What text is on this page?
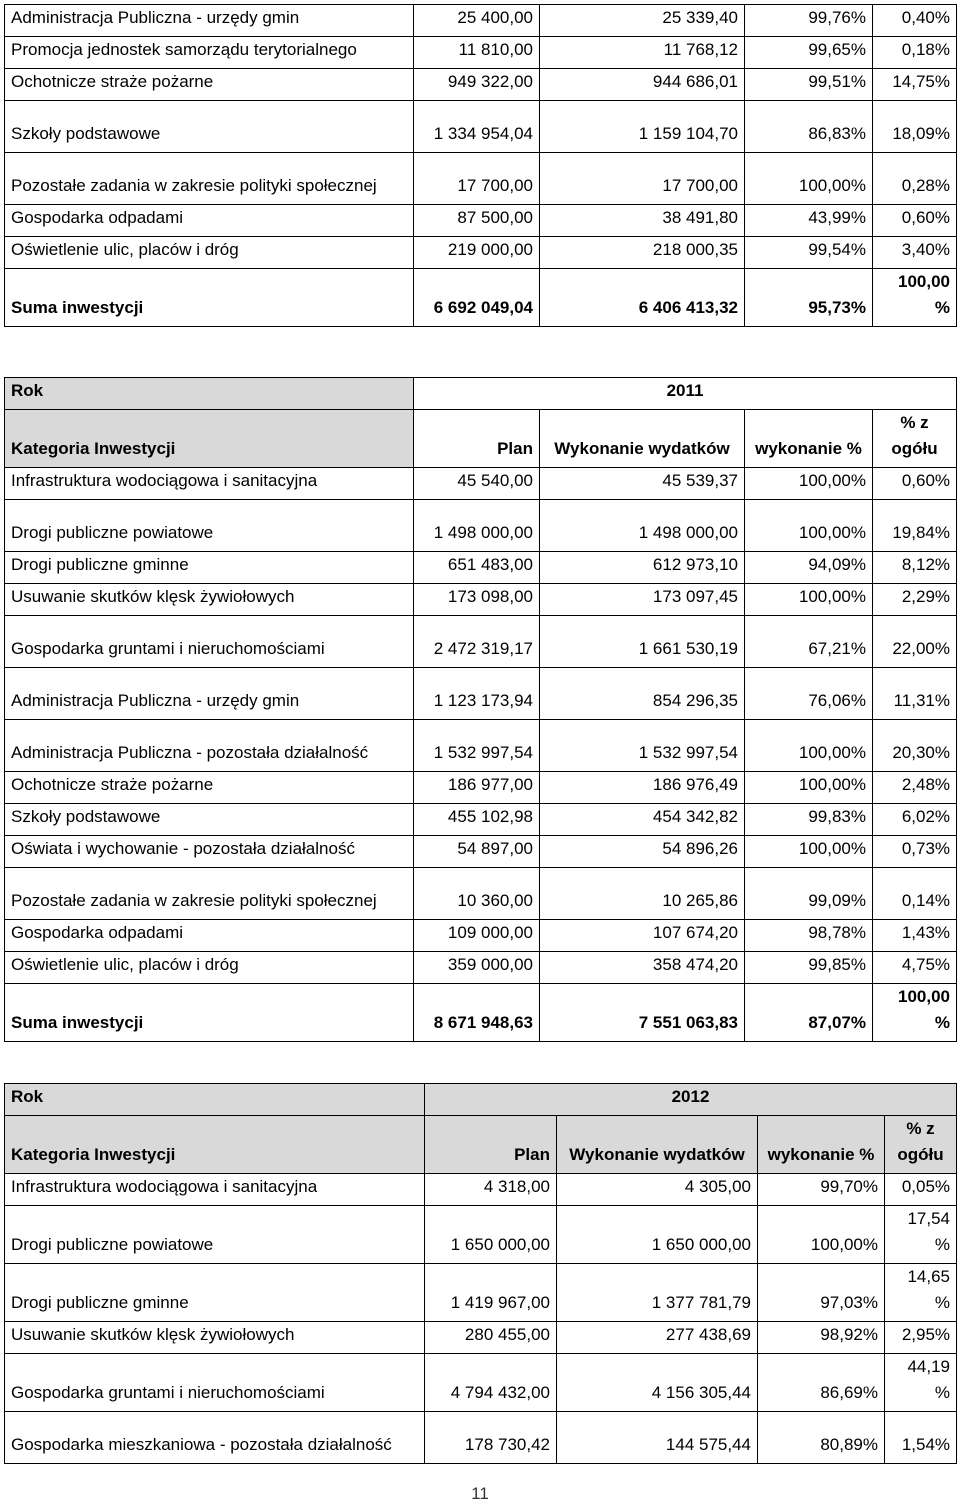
Administracja Publiczna - urzędy gmin	25 400,00	25 339,40	99,76%	0,40%
Promocja jednostek samorządu terytorialnego	11 810,00	11 768,12	99,65%	0,18%
Ochotnicze straże pożarne	949 322,00	944 686,01	99,51%	14,75%
Szkoły podstawowe	1 334 954,04	1 159 104,70	86,83%	18,09%
Pozostałe zadania w zakresie polityki społecznej	17 700,00	17 700,00	100,00%	0,28%
Gospodarka odpadami	87 500,00	38 491,80	43,99%	0,60%
Oświetlenie ulic, placów i dróg	219 000,00	218 000,35	99,54%	3,40%
Suma inwestycji	6 692 049,04	6 406 413,32	95,73%	100,00 %
Rok	2011			
Kategoria Inwestycji	Plan	Wykonanie wydatków	wykonanie %	% z ogółu
Infrastruktura wodociągowa i sanitacyjna	45 540,00	45 539,37	100,00%	0,60%
Drogi publiczne powiatowe	1 498 000,00	1 498 000,00	100,00%	19,84%
Drogi publiczne gminne	651 483,00	612 973,10	94,09%	8,12%
Usuwanie skutków klęsk żywiołowych	173 098,00	173 097,45	100,00%	2,29%
Gospodarka gruntami i nieruchomościami	2 472 319,17	1 661 530,19	67,21%	22,00%
Administracja Publiczna - urzędy gmin	1 123 173,94	854 296,35	76,06%	11,31%
Administracja Publiczna - pozostała działalność	1 532 997,54	1 532 997,54	100,00%	20,30%
Ochotnicze straże pożarne	186 977,00	186 976,49	100,00%	2,48%
Szkoły podstawowe	455 102,98	454 342,82	99,83%	6,02%
Oświata i wychowanie - pozostała działalność	54 897,00	54 896,26	100,00%	0,73%
Pozostałe zadania w zakresie polityki społecznej	10 360,00	10 265,86	99,09%	0,14%
Gospodarka odpadami	109 000,00	107 674,20	98,78%	1,43%
Oświetlenie ulic, placów i dróg	359 000,00	358 474,20	99,85%	4,75%
Suma inwestycji	8 671 948,63	7 551 063,83	87,07%	100,00 %
Rok	2012			
Kategoria Inwestycji	Plan	Wykonanie wydatków	wykonanie %	% z ogółu
Infrastruktura wodociągowa i sanitacyjna	4 318,00	4 305,00	99,70%	0,05%
Drogi publiczne powiatowe	1 650 000,00	1 650 000,00	100,00%	17,54 %
Drogi publiczne gminne	1 419 967,00	1 377 781,79	97,03%	14,65 %
Usuwanie skutków klęsk żywiołowych	280 455,00	277 438,69	98,92%	2,95%
Gospodarka gruntami i nieruchomościami	4 794 432,00	4 156 305,44	86,69%	44,19 %
Gospodarka mieszkaniowa - pozostała działalność	178 730,42	144 575,44	80,89%	1,54%
11
